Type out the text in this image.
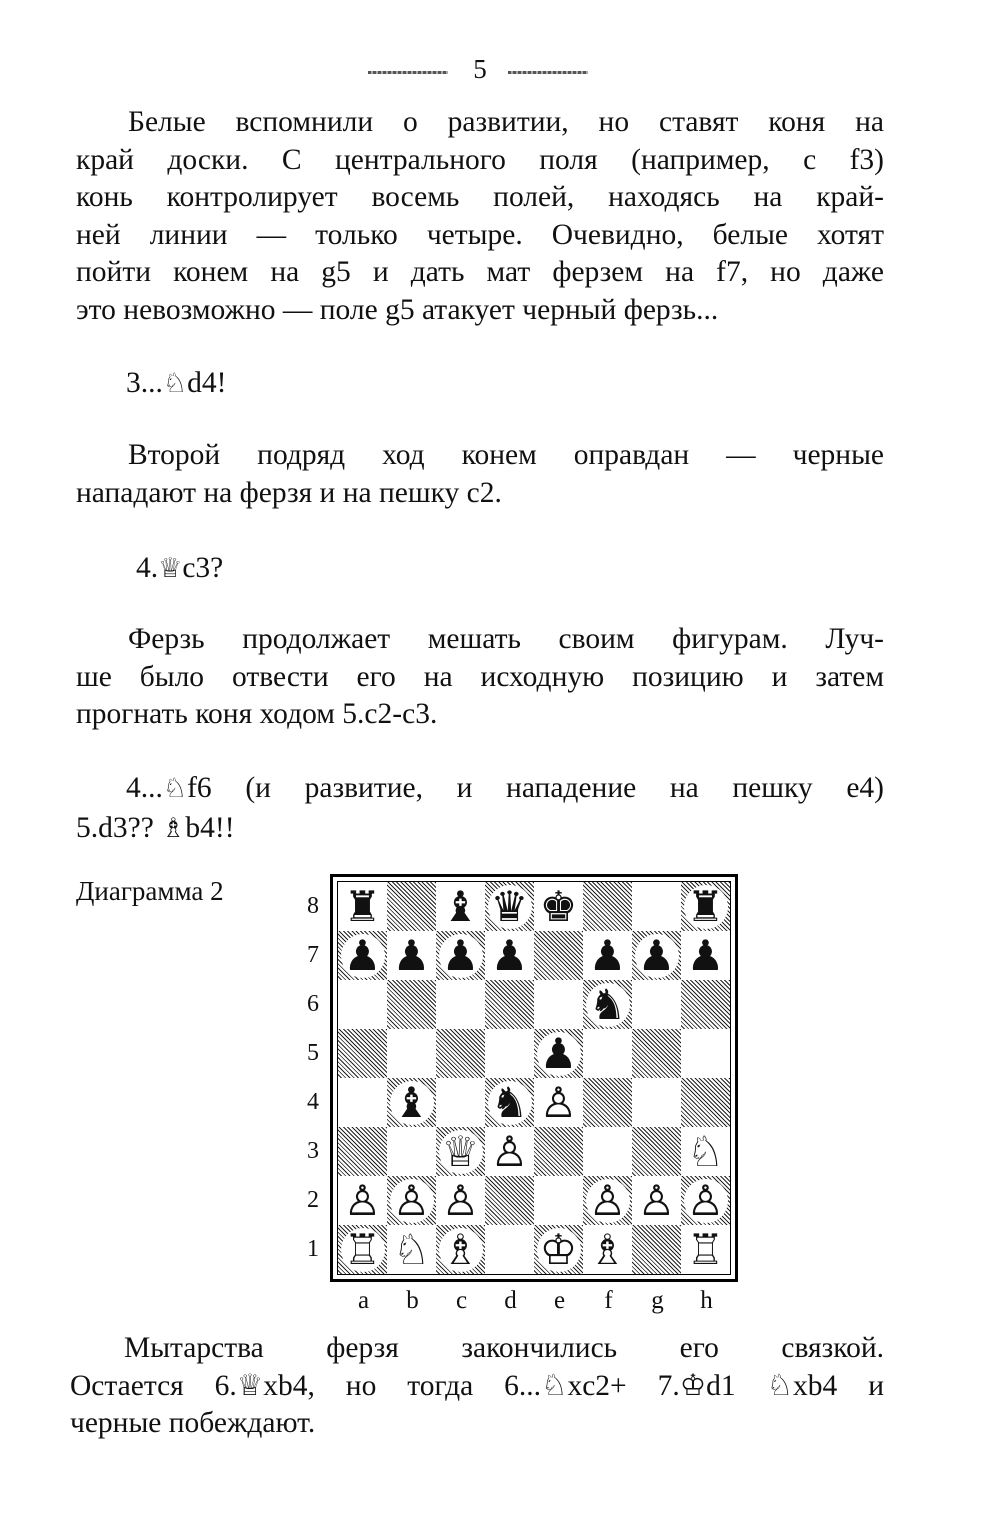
5
Белые вспомнили о развитии, но ставят коня на
край доски. С центрального поля (например, с f3)
конь контролирует восемь полей, находясь на край-
ней линии — только четыре. Очевидно, белые хотят
пойти конем на g5 и дать мат ферзем на f7, но даже
это невозможно — поле g5 атакует черный ферзь...
3...♘d4!
Второй подряд ход конем оправдан — черные
нападают на ферзя и на пешку с2.
4.♕c3?
Ферзь продолжает мешать своим фигурам. Луч-
ше было отвести его на исходную позицию и затем
прогнать коня ходом 5.с2-с3.
4...♘f6 (и развитие, и нападение на пешку е4)
5.d3?? ♗b4!!
Диаграмма 2	♜ ♝ ♛ ♚	♜
♟ ♟ ♟ ♟ ♟ ♟ ♟
♞
♟
♝ ♞ ♙
♕ ♙	♘
♙ ♙ ♙	♙ ♙ ♙
♖ ♘ ♗ ♔ ♗ ♖
8
7
6
5
4
3
2
1
a	b	c	d	e	f	g	h
Мытарства ферзя закончились его связкой.
Остается 6.♕xb4, но тогда 6...♘xc2+ 7.♔d1 ♘xb4 и
черные побеждают.
